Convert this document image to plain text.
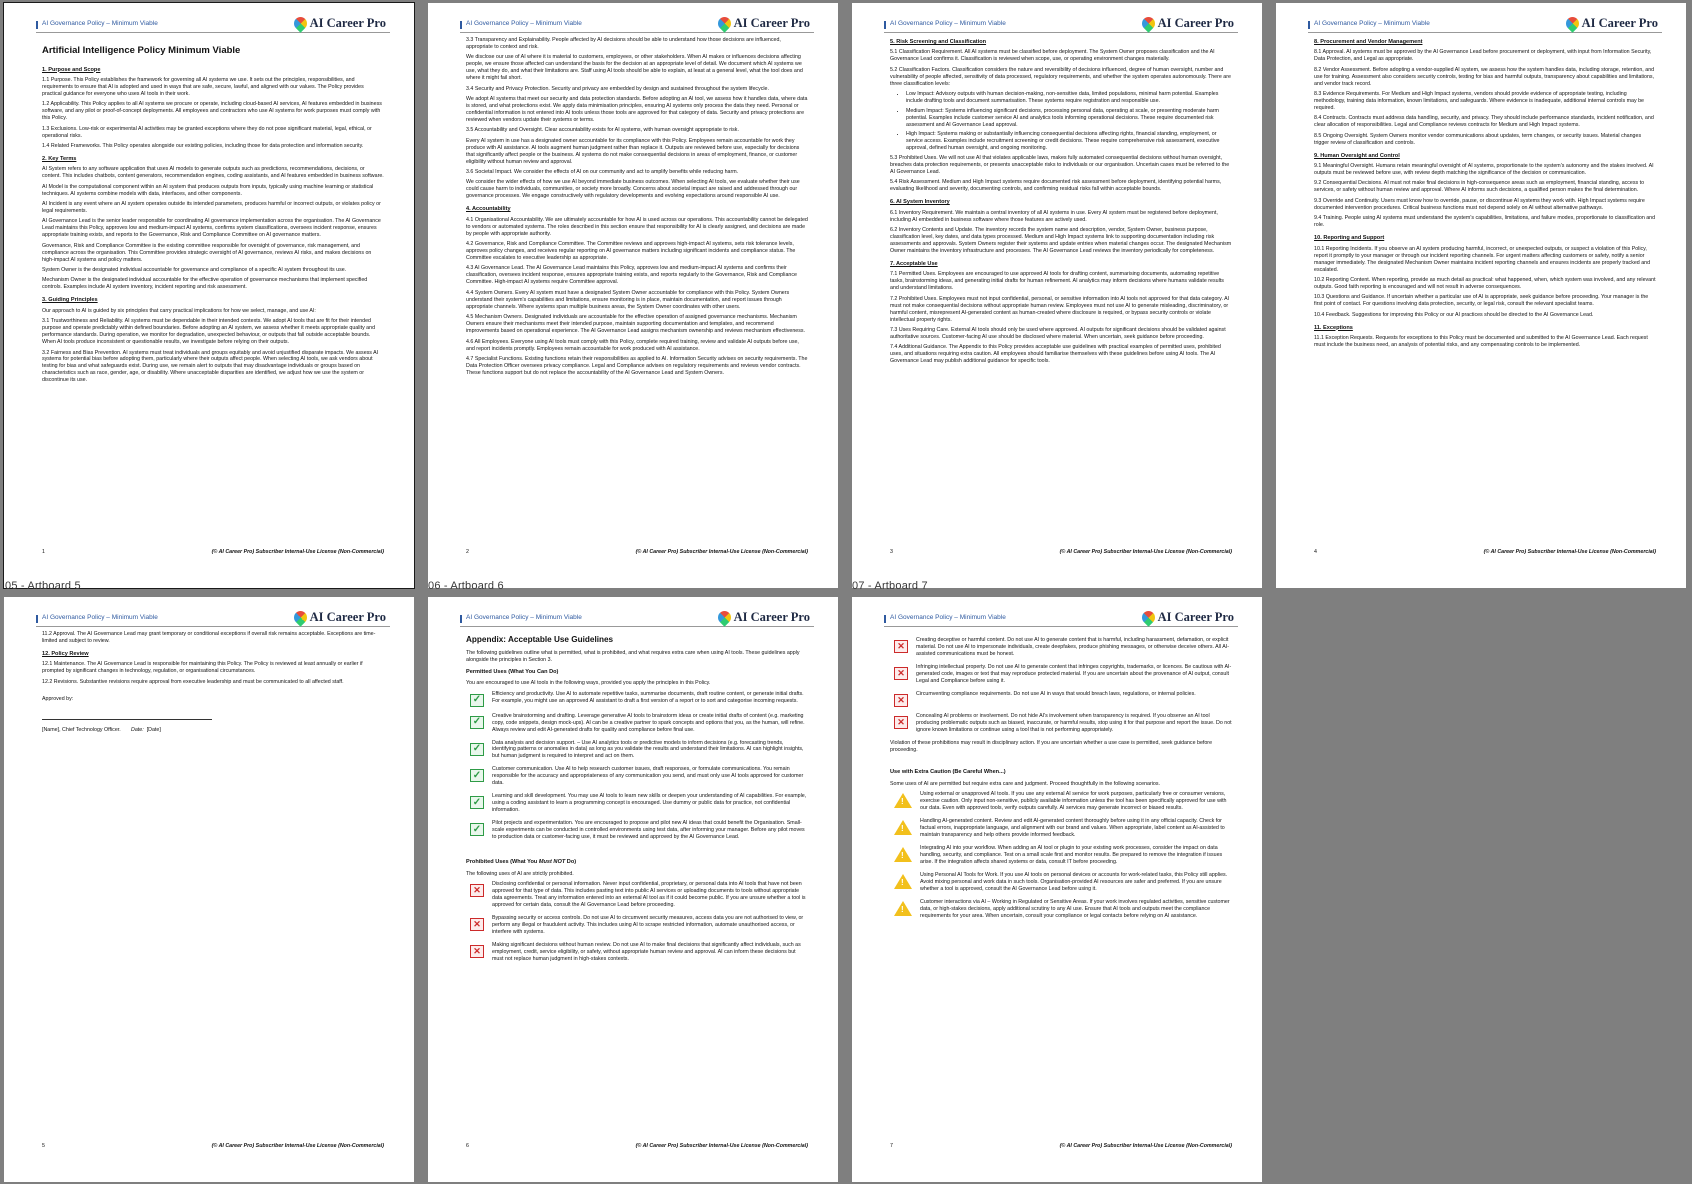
AI Governance Policy – Minimum Viable	AI Career Pro
Artificial Intelligence Policy Minimum Viable
1. Purpose and Scope

1.1 Purpose. This Policy establishes the framework for governing all AI systems we use. It sets out the principles, responsibilities, and requirements to ensure that AI is adopted and used in ways that are safe, secure, lawful, and aligned with our values. The Policy provides practical guidance for everyone who uses AI tools in their work.

1.2 Applicability. This Policy applies to all AI systems we procure or operate, including cloud-based AI services, AI features embedded in business software, and any pilot or proof-of-concept deployments. All employees and contractors who use AI systems for work purposes must comply with this Policy.

1.3 Exclusions. Low-risk or experimental AI activities may be granted exceptions where they do not pose significant material, legal, ethical, or operational risks.

1.4 Related Frameworks. This Policy operates alongside our existing policies, including those for data protection and information security.

2. Key Terms

AI System refers to any software application that uses AI models to generate outputs such as predictions, recommendations, decisions, or content. This includes chatbots, content generators, recommendation engines, coding assistants, and AI features embedded in business software.

AI Model is the computational component within an AI system that produces outputs from inputs, typically using machine learning or statistical techniques. AI systems combine models with data, interfaces, and other components.

AI Incident is any event where an AI system operates outside its intended parameters, produces harmful or incorrect outputs, or violates policy or legal requirements.

AI Governance Lead is the senior leader responsible for coordinating AI governance implementation across the organisation. The AI Governance Lead maintains this Policy, approves low and medium-impact AI systems, confirms system classifications, oversees incident response, ensures appropriate training exists, and reports to the Governance, Risk and Compliance Committee on AI governance matters.

Governance, Risk and Compliance Committee is the existing committee responsible for oversight of governance, risk management, and compliance across the organisation. This Committee provides strategic oversight of AI governance, reviews AI risks, and makes decisions on high-impact AI systems and policy matters.

System Owner is the designated individual accountable for governance and compliance of a specific AI system throughout its use.

Mechanism Owner is the designated individual accountable for the effective operation of governance mechanisms that implement specified controls. Examples include AI system inventory, incident reporting and risk assessment.

3. Guiding Principles

Our approach to AI is guided by six principles that carry practical implications for how we select, manage, and use AI:

3.1 Trustworthiness and Reliability. AI systems must be dependable in their intended contexts. We adopt AI tools that are fit for their intended purpose and operate predictably within defined boundaries. Before adopting an AI system, we assess whether it meets appropriate quality and performance standards. During operation, we monitor for degradation, unexpected behaviour, or outputs that fall outside acceptable bounds. When AI tools produce inconsistent or questionable results, we investigate before relying on their outputs.

3.2 Fairness and Bias Prevention. AI systems must treat individuals and groups equitably and avoid unjustified disparate impacts. We assess AI systems for potential bias before adopting them, particularly where their outputs affect people. When selecting AI tools, we ask vendors about testing for bias and what safeguards exist. During use, we remain alert to outputs that may disadvantage individuals or groups based on characteristics such as race, gender, age, or disability. Where unacceptable disparities are identified, we adjust how we use the system or discontinue its use.

1	(© AI Career Pro) Subscriber Internal-Use License (Non-Commercial)
AI Governance Policy – Minimum Viable	AI Career Pro

3.3 Transparency and Explainability. People affected by AI decisions should be able to understand how those decisions are influenced, appropriate to context and risk.

We disclose our use of AI where it is material to customers, employees, or other stakeholders. When AI makes or influences decisions affecting people, we ensure those affected can understand the basis for the decision at an appropriate level of detail. We document which AI systems we use, what they do, and what their limitations are. Staff using AI tools should be able to explain, at least at a general level, what the tool does and where it might fail short.

3.4 Security and Privacy Protection. Security and privacy are embedded by design and sustained throughout the system lifecycle.

We adopt AI systems that meet our security and data protection standards. Before adopting an AI tool, we assess how it handles data, where data is stored, and what protections exist. We apply data minimisation principles, ensuring AI systems only process the data they need. Personal or confidential information is not entered into AI tools unless those tools are approved for that category of data. Security and privacy protections are reviewed when vendors update their systems or terms.

3.5 Accountability and Oversight. Clear accountability exists for AI systems, with human oversight appropriate to risk.

Every AI system in use has a designated owner accountable for its compliance with this Policy. Employees remain accountable for work they produce with AI assistance. AI tools augment human judgment rather than replace it. Outputs are reviewed before use, especially for decisions that significantly affect people or the business. AI systems do not make consequential decisions in areas of employment, finance, or customer eligibility without human review and approval.

3.6 Societal Impact. We consider the effects of AI on our community and act to amplify benefits while reducing harm.

We consider the wider effects of how we use AI beyond immediate business outcomes. When selecting AI tools, we evaluate whether their use could cause harm to individuals, communities, or society more broadly. Concerns about societal impact are raised and addressed through our governance processes. We engage constructively with regulatory developments and evolving expectations around responsible AI use.

4. Accountability

4.1 Organisational Accountability. We are ultimately accountable for how AI is used across our operations. This accountability cannot be delegated to vendors or automated systems. The roles described in this section ensure that responsibility for AI is clearly assigned, and decisions are made by people with appropriate authority.

4.2 Governance, Risk and Compliance Committee. The Committee reviews and approves high-impact AI systems, sets risk tolerance levels, approves policy changes, and receives regular reporting on AI governance matters including significant incidents and compliance status. The Committee escalates to executive leadership as appropriate.

4.3 AI Governance Lead. The AI Governance Lead maintains this Policy, approves low and medium-impact AI systems and confirms their classification, oversees incident response, ensures appropriate training exists, and reports regularly to the Governance, Risk and Compliance Committee. High-impact AI systems require Committee approval.

4.4 System Owners. Every AI system must have a designated System Owner accountable for compliance with this Policy. System Owners understand their system's capabilities and limitations, ensure monitoring is in place, maintain documentation, and report issues through appropriate channels. Where systems span multiple business areas, the System Owner coordinates with other users.

4.5 Mechanism Owners. Designated individuals are accountable for the effective operation of assigned governance mechanisms. Mechanism Owners ensure their mechanisms meet their intended purpose, maintain supporting documentation and templates, and recommend improvements based on operational experience. The AI Governance Lead assigns mechanism ownership and reviews mechanism effectiveness.

4.6 All Employees. Everyone using AI tools must comply with this Policy, complete required training, review and validate AI outputs before use, and report incidents promptly. Employees remain accountable for work produced with AI assistance.

4.7 Specialist Functions. Existing functions retain their responsibilities as applied to AI. Information Security advises on security requirements. The Data Protection Officer oversees privacy compliance. Legal and Compliance advises on regulatory requirements and reviews vendor contracts. These functions support but do not replace the accountability of the AI Governance Lead and System Owners.

2	(© AI Career Pro) Subscriber Internal-Use License (Non-Commercial)
AI Governance Policy – Minimum Viable	AI Career Pro
5. Risk Screening and Classification

5.1 Classification Requirement. All AI systems must be classified before deployment. The System Owner proposes classification and the AI Governance Lead confirms it. Classification is reviewed when scope, use, or operating environment changes materially.

5.2 Classification Factors. Classification considers the nature and reversibility of decisions influenced, degree of human oversight, number and vulnerability of people affected, sensitivity of data processed, regulatory requirements, and whether the system operates autonomously. There are three classification levels:

• Low Impact: Advisory outputs with human decision-making, non-sensitive data, limited populations, minimal harm potential. Examples include drafting tools and document summarisation. These systems require registration and responsible use.
• Medium Impact: Systems influencing significant decisions, processing personal data, operating at scale, or presenting moderate harm potential. Examples include customer service AI and analytics tools informing operational decisions. These require documented risk assessment and AI Governance Lead approval.
• High Impact: Systems making or substantially influencing consequential decisions affecting rights, financial standing, employment, or service access. Examples include recruitment screening or credit decisions. These require comprehensive risk assessment, executive approval, defined human oversight, and ongoing monitoring.

5.3 Prohibited Uses. We will not use AI that violates applicable laws, makes fully automated consequential decisions without human oversight, breaches data protection requirements, or presents unacceptable risks to individuals or our organisation. Uncertain cases must be referred to the AI Governance Lead.

5.4 Risk Assessment. Medium and High Impact systems require documented risk assessment before deployment, identifying potential harms, evaluating likelihood and severity, documenting controls, and confirming residual risks fall within acceptable bounds.

6. AI System Inventory

6.1 Inventory Requirement. We maintain a central inventory of all AI systems in use. Every AI system must be registered before deployment, including AI embedded in business software where those features are actively used.

6.2 Inventory Contents and Update. The inventory records the system name and description, vendor, System Owner, business purpose, classification level, key dates, and data types processed. Medium and High Impact systems link to supporting documentation including risk assessments and approvals. System Owners register their systems and update entries when material changes occur. The designated Mechanism Owner maintains the inventory infrastructure and processes. The AI Governance Lead reviews the inventory periodically for completeness.

7. Acceptable Use

7.1 Permitted Uses. Employees are encouraged to use approved AI tools for drafting content, summarising documents, automating repetitive tasks, brainstorming ideas, and generating initial drafts for human refinement. AI analytics may inform decisions where humans validate results and understand limitations.

7.2 Prohibited Uses. Employees must not input confidential, personal, or sensitive information into AI tools not approved for that data category. AI must not make consequential decisions without appropriate human review. Employees must not use AI to generate misleading, discriminatory, or harmful content, misrepresent AI-generated content as human-created where disclosure is required, or bypass security controls or violate intellectual property rights.

7.3 Uses Requiring Care. External AI tools should only be used where approved. AI outputs for significant decisions should be validated against authoritative sources. Customer-facing AI use should be disclosed where material. When uncertain, seek guidance before proceeding.

7.4 Additional Guidance. The Appendix to this Policy provides acceptable use guidelines with practical examples of permitted uses, prohibited uses, and situations requiring extra caution. All employees should familiarise themselves with these guidelines before using AI tools. The AI Governance Lead may publish additional guidance for specific tools.

3	(© AI Career Pro) Subscriber Internal-Use License (Non-Commercial)
AI Governance Policy – Minimum Viable	AI Career Pro
8. Procurement and Vendor Management

8.1 Approval. AI systems must be approved by the AI Governance Lead before procurement or deployment, with input from Information Security, Data Protection, and Legal as appropriate.

8.2 Vendor Assessment. Before adopting a vendor-supplied AI system, we assess how the system handles data, including storage, retention, and use for training. Assessment also considers security controls, testing for bias and harmful outputs, transparency about capabilities and limitations, and vendor track record.

8.3 Evidence Requirements. For Medium and High Impact systems, vendors should provide evidence of appropriate testing, including methodology, training data information, known limitations, and safeguards. Where evidence is inadequate, additional internal controls may be required.

8.4 Contracts. Contracts must address data handling, security, and privacy. They should include performance standards, incident notification, and clear allocation of responsibilities. Legal and Compliance reviews contracts for Medium and High Impact systems.

8.5 Ongoing Oversight. System Owners monitor vendor communications about updates, term changes, or security issues. Material changes trigger review of classification and controls.

9. Human Oversight and Control

9.1 Meaningful Oversight. Humans retain meaningful oversight of AI systems, proportionate to the system's autonomy and the stakes involved. AI outputs must be reviewed before use, with review depth matching the significance of the decision or communication.

9.2 Consequential Decisions. AI must not make final decisions in high-consequence areas such as employment, financial standing, access to services, or safety without human review and approval. Where AI informs such decisions, a qualified person makes the final determination.

9.3 Override and Continuity. Users must know how to override, pause, or discontinue AI systems they work with. High Impact systems require documented intervention procedures. Critical business functions must not depend solely on AI without alternative pathways.

9.4 Training. People using AI systems must understand the system's capabilities, limitations, and failure modes, proportionate to classification and role.

10. Reporting and Support

10.1 Reporting Incidents. If you observe an AI system producing harmful, incorrect, or unexpected outputs, or suspect a violation of this Policy, report it promptly to your manager or through our incident reporting channels. For urgent matters affecting customers or safety, notify a senior manager immediately. The designated Mechanism Owner maintains incident reporting channels and ensures incidents are properly tracked and escalated.

10.2 Reporting Content. When reporting, provide as much detail as practical: what happened, when, which system was involved, and any relevant outputs. Good faith reporting is encouraged and will not result in adverse consequences.

10.3 Questions and Guidance. If uncertain whether a particular use of AI is appropriate, seek guidance before proceeding. Your manager is the first point of contact. For questions involving data protection, security, or legal risk, consult the relevant specialist teams.

10.4 Feedback. Suggestions for improving this Policy or our AI practices should be directed to the AI Governance Lead.

11. Exceptions

11.1 Exception Requests. Requests for exceptions to this Policy must be documented and submitted to the AI Governance Lead. Each request must include the business need, an analysis of potential risks, and any compensating controls to be implemented.

4	(© AI Career Pro) Subscriber Internal-Use License (Non-Commercial)
05 - Artboard 5	06 - Artboard 6	07 - Artboard 7
AI Governance Policy – Minimum Viable	AI Career Pro

11.2 Approval. The AI Governance Lead may grant temporary or conditional exceptions if overall risk remains acceptable. Exceptions are time-limited and subject to review.

12. Policy Review

12.1 Maintenance. The AI Governance Lead is responsible for maintaining this Policy. The Policy is reviewed at least annually or earlier if prompted by significant changes in technology, regulation, or organisational circumstances.

12.2 Revisions. Substantive revisions require approval from executive leadership and must be communicated to all affected staff.

Approved by:

[Name], Chief Technology Officer. Date: [Date]

5	(© AI Career Pro) Subscriber Internal-Use License (Non-Commercial)
AI Governance Policy – Minimum Viable	AI Career Pro
Appendix: Acceptable Use Guidelines

The following guidelines outline what is permitted, what is prohibited, and what requires extra care when using AI tools. These guidelines apply alongside the principles in Section 3.

Permitted Uses (What You Can Do)

You are encouraged to use AI tools in the following ways, provided you apply the principles in this Policy.

✓
Efficiency and productivity. Use AI to automate repetitive tasks, summarise documents, draft routine content, or generate initial drafts. For example, you might use an approved AI assistant to draft a first version of a report or to sort and categorise incoming requests.
✓
Creative brainstorming and drafting. Leverage generative AI tools to brainstorm ideas or create initial drafts of content (e.g. marketing copy, code snippets, design mock-ups). AI can be a creative partner to spark concepts and options that you, as the human, will refine. Always review and edit AI-generated drafts for quality and compliance before final use.
✓
Data analysis and decision support. – Use AI analytics tools or predictive models to inform decisions (e.g. forecasting trends, identifying patterns or anomalies in data) as long as you validate the results and understand their limitations. AI can highlight insights, but human judgment is required to interpret and act on them.
✓
Customer communication. Use AI to help research customer issues, draft responses, or formulate communications. You remain responsible for the accuracy and appropriateness of any communication you send, and must only use AI tools approved for customer data.
✓
Learning and skill development. You may use AI tools to learn new skills or deepen your understanding of AI capabilities. For example, using a coding assistant to learn a programming concept is encouraged. Use dummy or public data for practice, not confidential information.
✓
Pilot projects and experimentation. You are encouraged to propose and pilot new AI ideas that could benefit the Organisation. Small-scale experiments can be conducted in controlled environments using test data, after informing your manager. Before any pilot moves to production data or customer-facing use, it must be reviewed and approved by the AI Governance Lead.
Prohibited Uses (What You Must NOT Do)

The following uses of AI are strictly prohibited.

✕
Disclosing confidential or personal information. Never input confidential, proprietary, or personal data into AI tools that have not been approved for that type of data. This includes pasting text into public AI services or uploading documents to tools without appropriate data agreements. Treat any information entered into an external AI tool as if it could become public. If you are unsure whether a tool is approved for certain data, consult the AI Governance Lead before proceeding.
✕
Bypassing security or access controls. Do not use AI to circumvent security measures, access data you are not authorised to view, or perform any illegal or fraudulent activity. This includes using AI to scrape restricted information, automate unauthorised access, or interfere with systems.
✕
Making significant decisions without human review. Do not use AI to make final decisions that significantly affect individuals, such as employment, credit, service eligibility, or safety, without appropriate human review and approval. AI can inform these decisions but must not replace human judgment in high-stakes contexts.
6	(© AI Career Pro) Subscriber Internal-Use License (Non-Commercial)
AI Governance Policy – Minimum Viable	AI Career Pro
✕
Creating deceptive or harmful content. Do not use AI to generate content that is harmful, including harassment, defamation, or explicit material. Do not use AI to impersonate individuals, create deepfakes, produce phishing messages, or otherwise deceive others. All AI-assisted communications must be honest.
✕
Infringing intellectual property. Do not use AI to generate content that infringes copyrights, trademarks, or licences. Be cautious with AI-generated code, images or text that may reproduce protected material. If you are uncertain about the provenance of AI output, consult Legal and Compliance before using it.
✕
Circumventing compliance requirements. Do not use AI in ways that would breach laws, regulations, or internal policies.
✕
Concealing AI problems or involvement. Do not hide AI's involvement when transparency is required. If you observe an AI tool producing problematic outputs such as biased, inaccurate, or harmful results, stop using it for that purpose and report the issue. Do not ignore known limitations or continue using a tool that is not performing appropriately.

Violation of these prohibitions may result in disciplinary action. If you are uncertain whether a use case is permitted, seek guidance before proceeding.

Use with Extra Caution (Be Careful When...)

Some uses of AI are permitted but require extra care and judgment. Proceed thoughtfully in the following scenarios.

!
Using external or unapproved AI tools. If you use any external AI service for work purposes, particularly free or consumer versions, exercise caution. Only input non-sensitive, publicly available information unless the tool has been specifically approved for use with our data. Even with approved tools, verify outputs carefully. AI services may generate incorrect or biased results.
!
Handling AI-generated content. Review and edit AI-generated content thoroughly before using it in any official capacity. Check for factual errors, inappropriate language, and alignment with our brand and values. When appropriate, label content as AI-assisted to maintain transparency and help others provide informed feedback.
!
Integrating AI into your workflow. When adding an AI tool or plugin to your existing work processes, consider the impact on data handling, security, and compliance. Test on a small scale first and monitor results. Be prepared to remove the integration if issues arise. If the integration affects shared systems or data, consult IT before proceeding.
!
Using Personal AI Tools for Work. If you use AI tools on personal devices or accounts for work-related tasks, this Policy still applies. Avoid mixing personal and work data in such tools. Organisation-provided AI resources are safer and preferred. If you are unsure whether a tool is approved, consult the AI Governance Lead before using it.
!
Customer interactions via AI – Working in Regulated or Sensitive Areas. If your work involves regulated activities, sensitive customer data, or high-stakes decisions, apply additional scrutiny to any AI use. Ensure that AI tools and outputs meet the compliance requirements for your area. When uncertain, consult your compliance or legal contacts before relying on AI assistance.
7	(© AI Career Pro) Subscriber Internal-Use License (Non-Commercial)
